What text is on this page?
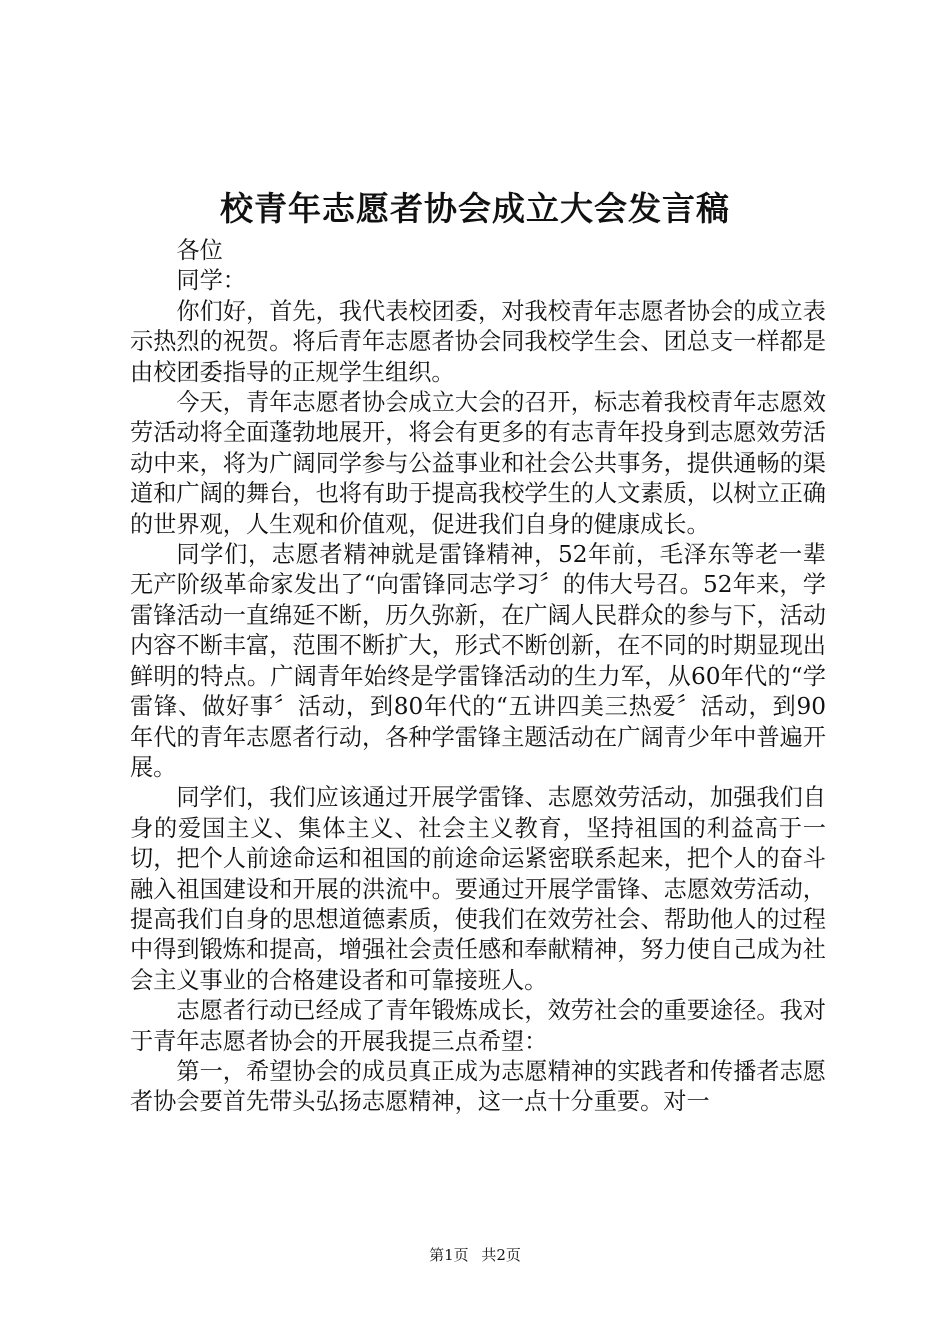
校青年志愿者协会成立大会发言稿

各位

同学：

你们好，首先，我代表校团委，对我校青年志愿者协会的成立表示热烈的祝贺。将后青年志愿者协会同我校学生会、团总支一样都是由校团委指导的正规学生组织。

今天，青年志愿者协会成立大会的召开，标志着我校青年志愿效劳活动将全面蓬勃地展开，将会有更多的有志青年投身到志愿效劳活动中来，将为广阔同学参与公益事业和社会公共事务，提供通畅的渠道和广阔的舞台，也将有助于提高我校学生的人文素质，以树立正确的世界观，人生观和价值观，促进我们自身的健康成长。

同学们，志愿者精神就是雷锋精神，52年前，毛泽东等老一辈无产阶级革命家发出了“向雷锋同志学习〞的伟大号召。52年来，学雷锋活动一直绵延不断，历久弥新，在广阔人民群众的参与下，活动内容不断丰富，范围不断扩大，形式不断创新，在不同的时期显现出鲜明的特点。广阔青年始终是学雷锋活动的生力军，从60年代的“学雷锋、做好事〞活动，到80年代的“五讲四美三热爱〞活动，到90年代的青年志愿者行动，各种学雷锋主题活动在广阔青少年中普遍开展。

同学们，我们应该通过开展学雷锋、志愿效劳活动，加强我们自身的爱国主义、集体主义、社会主义教育，坚持祖国的利益高于一切，把个人前途命运和祖国的前途命运紧密联系起来，把个人的奋斗融入祖国建设和开展的洪流中。要通过开展学雷锋、志愿效劳活动，提高我们自身的思想道德素质，使我们在效劳社会、帮助他人的过程中得到锻炼和提高，增强社会责任感和奉献精神，努力使自己成为社会主义事业的合格建设者和可靠接班人。

志愿者行动已经成了青年锻炼成长，效劳社会的重要途径。我对于青年志愿者协会的开展我提三点希望：

第一，希望协会的成员真正成为志愿精神的实践者和传播者志愿者协会要首先带头弘扬志愿精神，这一点十分重要。对一

第1页 共2页
